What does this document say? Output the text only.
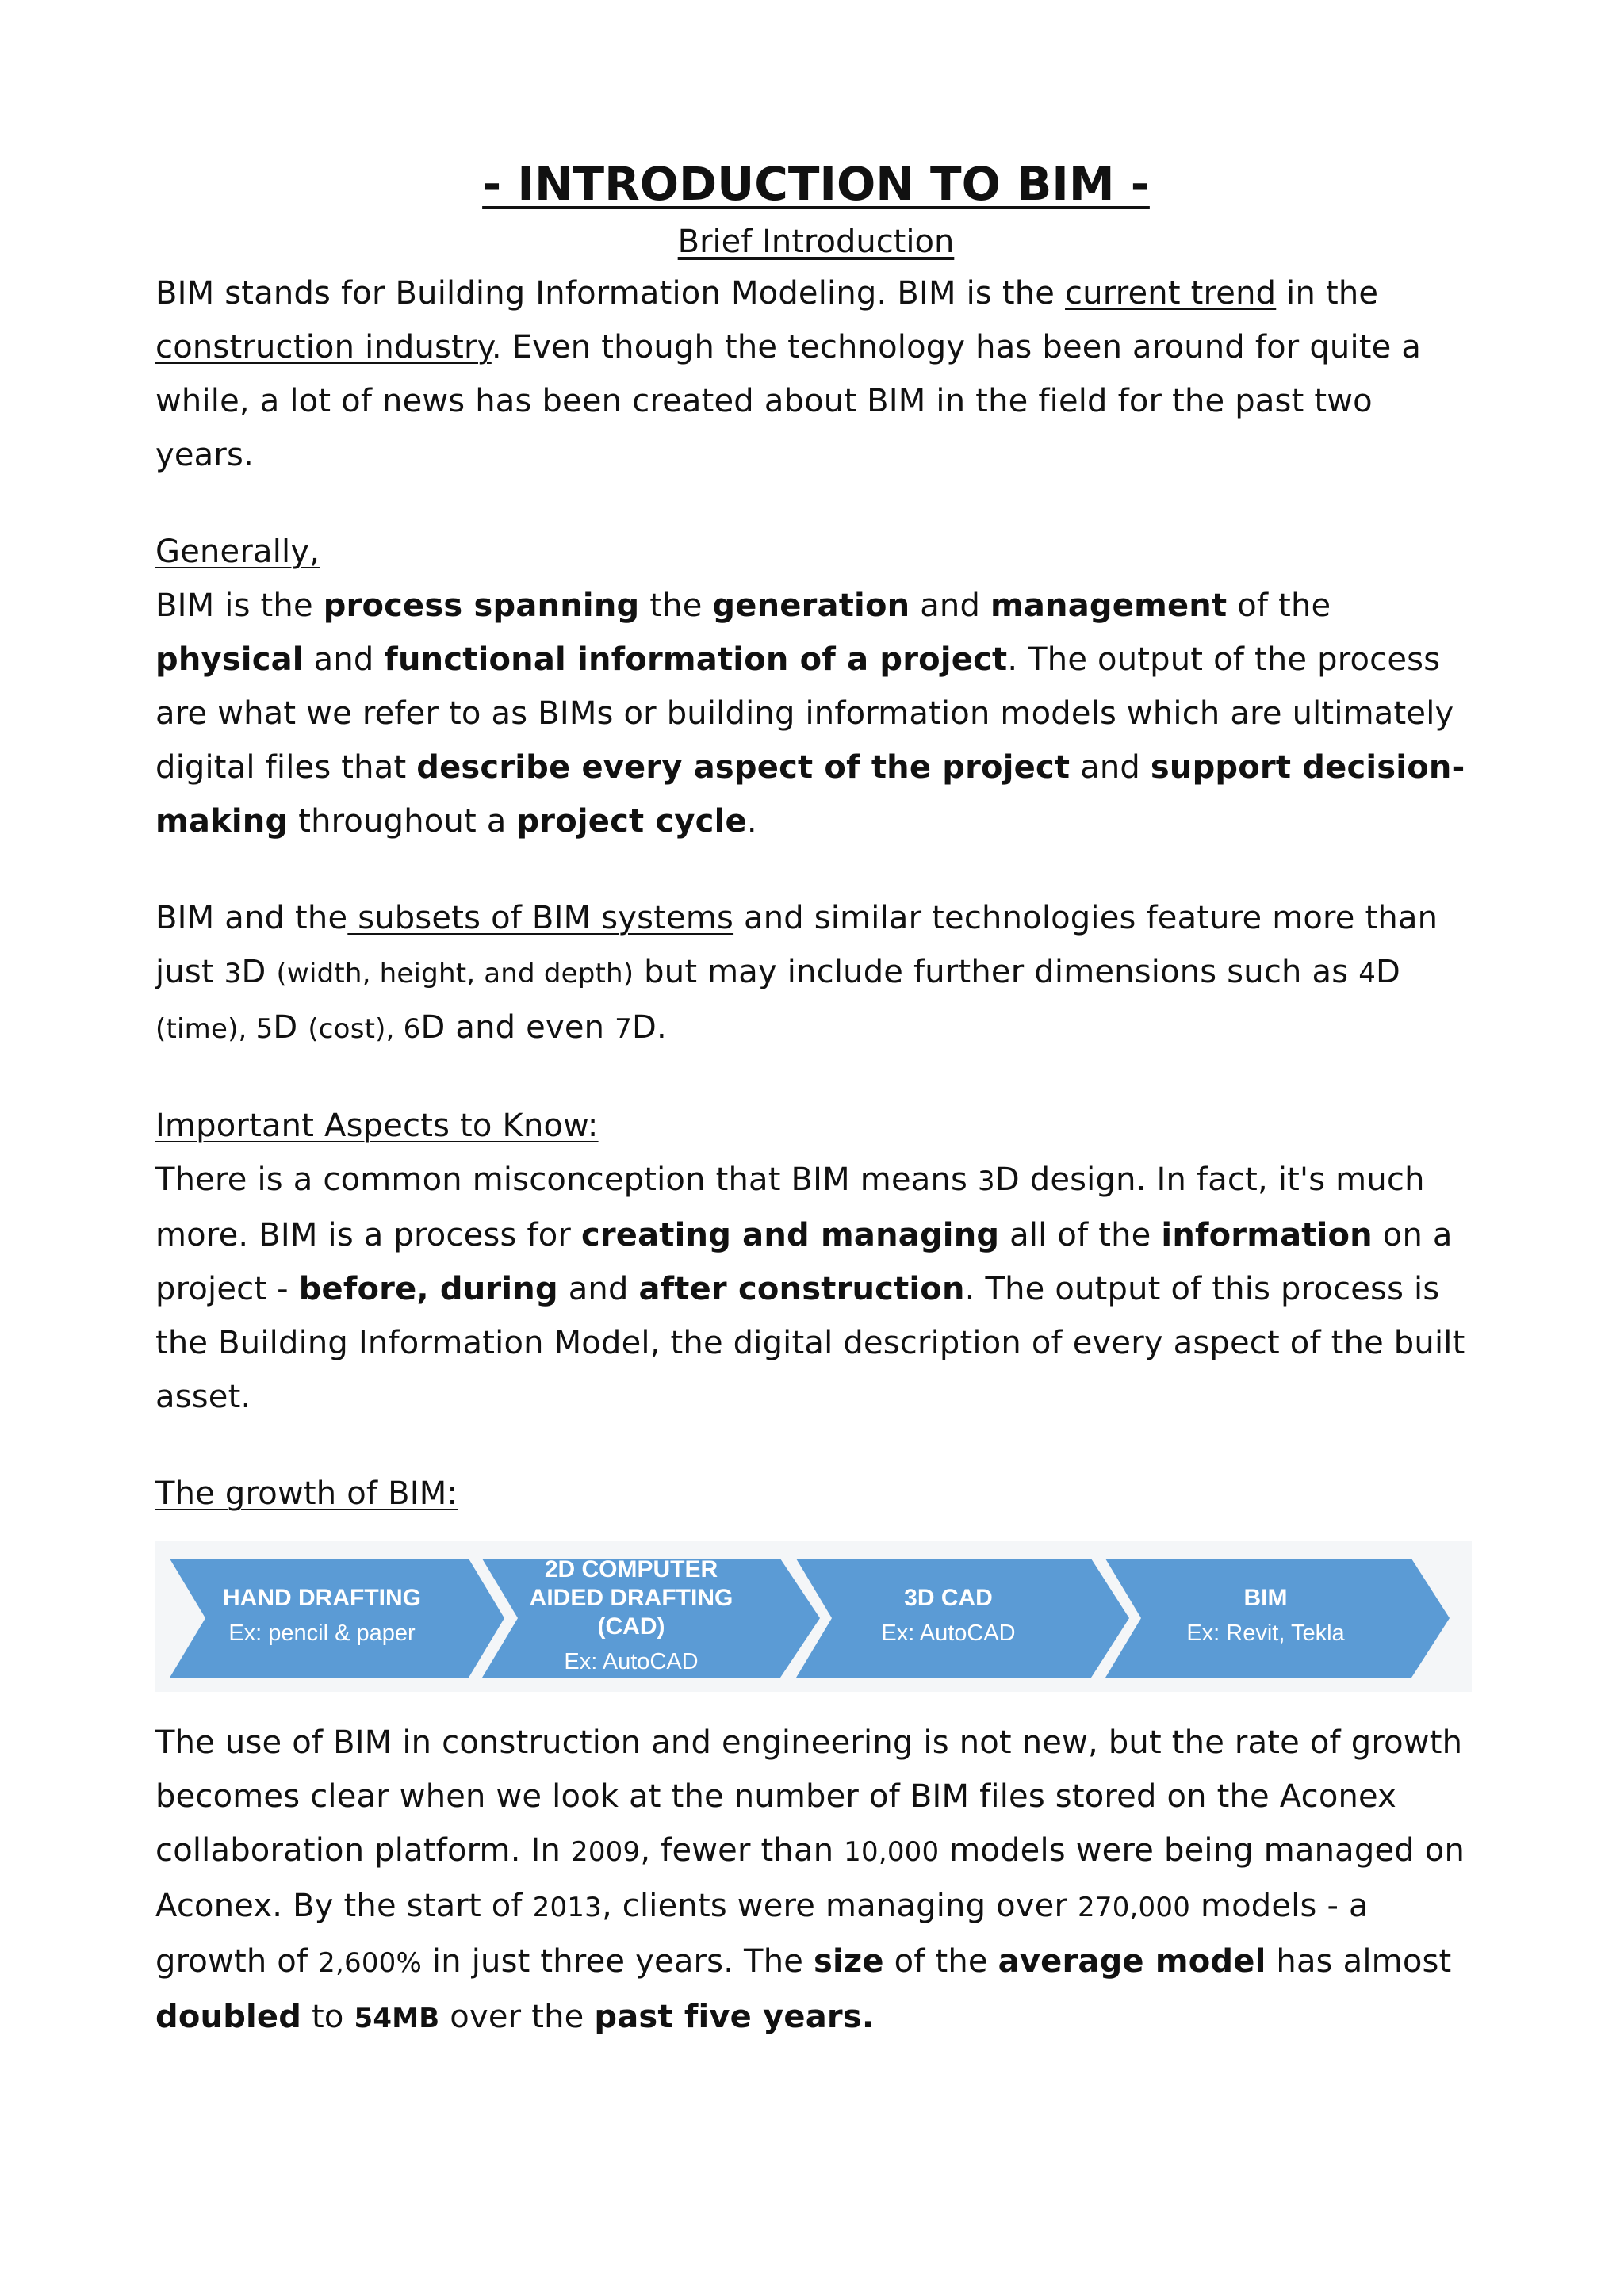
- INTRODUCTION TO BIM -
Brief Introduction

BIM stands for Building Information Modeling. BIM is the current trend in the construction industry. Even though the technology has been around for quite a while, a lot of news has been created about BIM in the field for the past two years.

Generally,

BIM is the process spanning the generation and management of the physical and functional information of a project. The output of the process are what we refer to as BIMs or building information models which are ultimately digital files that describe every aspect of the project and support decision-making throughout a project cycle.

BIM and the subsets of BIM systems and similar technologies feature more than just 3D (width, height, and depth) but may include further dimensions such as 4D (time), 5D (cost), 6D and even 7D.

Important Aspects to Know:

There is a common misconception that BIM means 3D design. In fact, it's much more. BIM is a process for creating and managing all of the information on a project - before, during and after construction. The output of this process is the Building Information Model, the digital description of every aspect of the built asset.

The growth of BIM:

HAND DRAFTING
Ex: pencil & paper
2D COMPUTER
AIDED DRAFTING
(CAD)
Ex: AutoCAD
3D CAD
Ex: AutoCAD
BIM
Ex: Revit, Tekla

The use of BIM in construction and engineering is not new, but the rate of growth becomes clear when we look at the number of BIM files stored on the Aconex collaboration platform. In 2009, fewer than 10,000 models were being managed on Aconex. By the start of 2013, clients were managing over 270,000 models - a growth of 2,600% in just three years. The size of the average model has almost doubled to 54MB over the past five years.
